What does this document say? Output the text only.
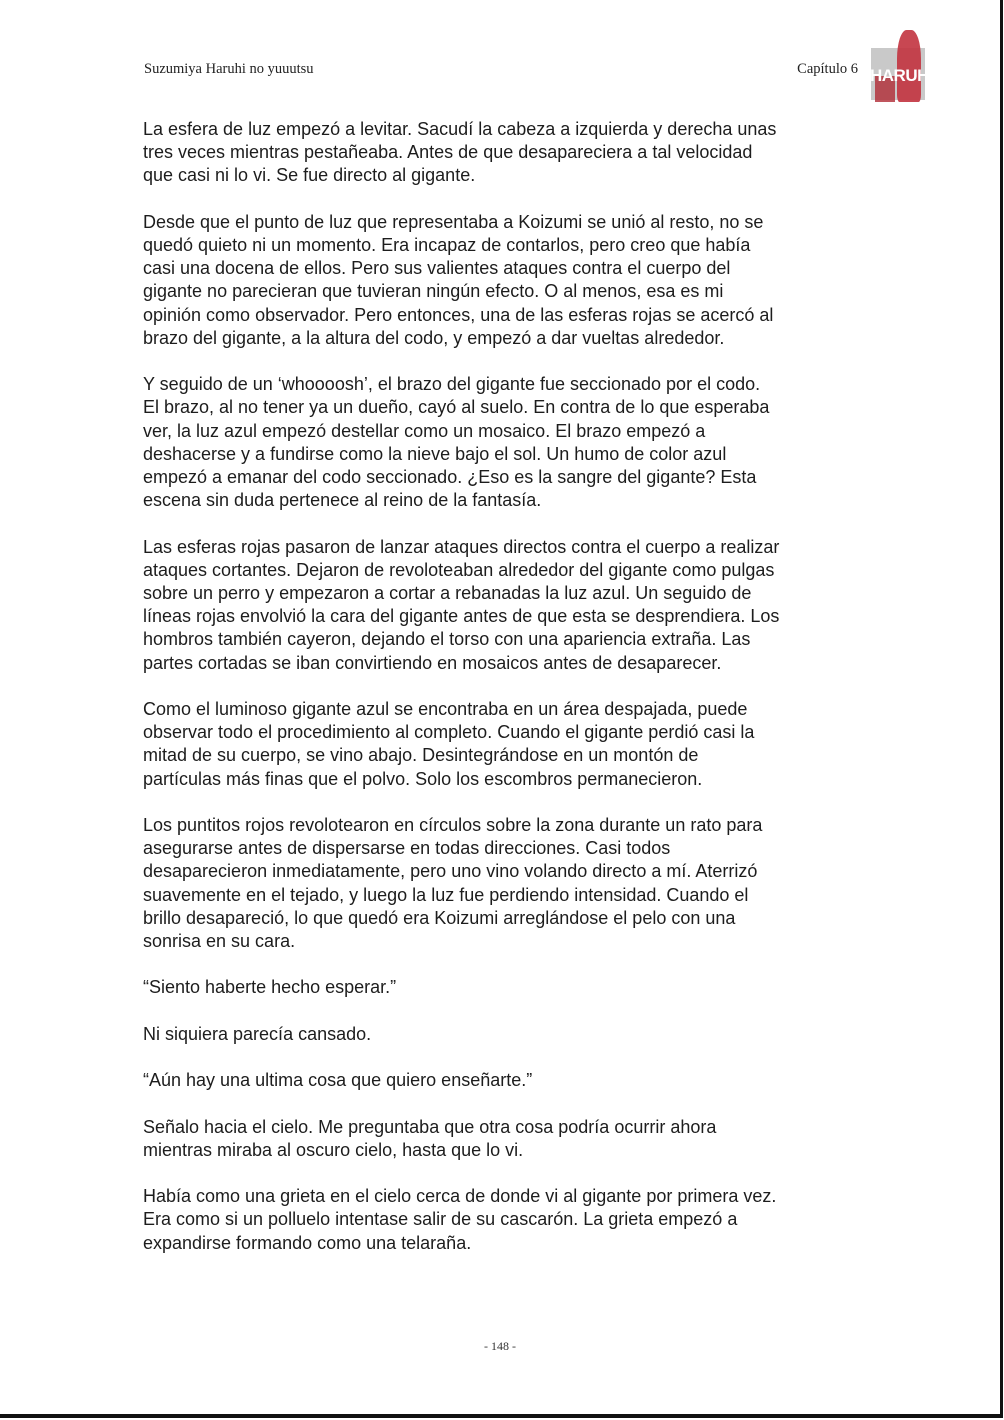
Suzumiya Haruhi no yuuutsu	Capítulo 6 HARUHI

La esfera de luz empezó a levitar. Sacudí la cabeza a izquierda y derecha unas
tres veces mientras pestañeaba. Antes de que desapareciera a tal velocidad
que casi ni lo vi. Se fue directo al gigante.

Desde que el punto de luz que representaba a Koizumi se unió al resto, no se
quedó quieto ni un momento. Era incapaz de contarlos, pero creo que había
casi una docena de ellos. Pero sus valientes ataques contra el cuerpo del
gigante no parecieran que tuvieran ningún efecto. O al menos, esa es mi
opinión como observador. Pero entonces, una de las esferas rojas se acercó al
brazo del gigante, a la altura del codo, y empezó a dar vueltas alrededor.

Y seguido de un ‘whoooosh’, el brazo del gigante fue seccionado por el codo.
El brazo, al no tener ya un dueño, cayó al suelo. En contra de lo que esperaba
ver, la luz azul empezó destellar como un mosaico. El brazo empezó a
deshacerse y a fundirse como la nieve bajo el sol. Un humo de color azul
empezó a emanar del codo seccionado. ¿Eso es la sangre del gigante? Esta
escena sin duda pertenece al reino de la fantasía.

Las esferas rojas pasaron de lanzar ataques directos contra el cuerpo a realizar
ataques cortantes. Dejaron de revoloteaban alrededor del gigante como pulgas
sobre un perro y empezaron a cortar a rebanadas la luz azul. Un seguido de
líneas rojas envolvió la cara del gigante antes de que esta se desprendiera. Los
hombros también cayeron, dejando el torso con una apariencia extraña. Las
partes cortadas se iban convirtiendo en mosaicos antes de desaparecer.

Como el luminoso gigante azul se encontraba en un área despajada, puede
observar todo el procedimiento al completo. Cuando el gigante perdió casi la
mitad de su cuerpo, se vino abajo. Desintegrándose en un montón de
partículas más finas que el polvo. Solo los escombros permanecieron.

Los puntitos rojos revolotearon en círculos sobre la zona durante un rato para
asegurarse antes de dispersarse en todas direcciones. Casi todos
desaparecieron inmediatamente, pero uno vino volando directo a mí. Aterrizó
suavemente en el tejado, y luego la luz fue perdiendo intensidad. Cuando el
brillo desapareció, lo que quedó era Koizumi arreglándose el pelo con una
sonrisa en su cara.

“Siento haberte hecho esperar.”

Ni siquiera parecía cansado.

“Aún hay una ultima cosa que quiero enseñarte.”

Señalo hacia el cielo. Me preguntaba que otra cosa podría ocurrir ahora
mientras miraba al oscuro cielo, hasta que lo vi.

Había como una grieta en el cielo cerca de donde vi al gigante por primera vez.
Era como si un polluelo intentase salir de su cascarón. La grieta empezó a
expandirse formando como una telaraña.

- 148 -
